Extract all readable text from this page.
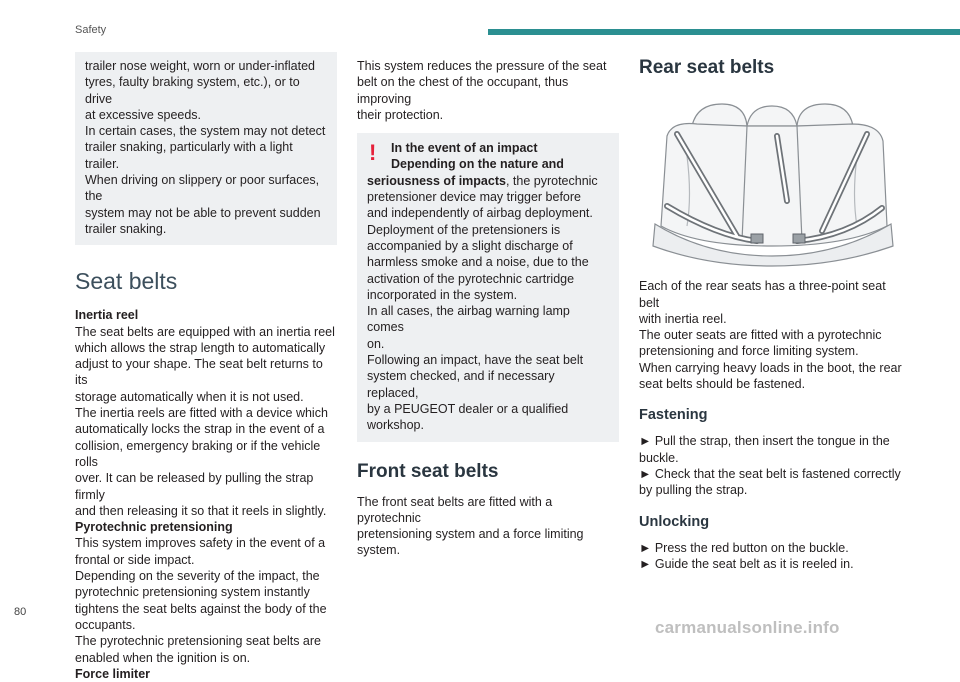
Safety
trailer nose weight, worn or under-inflated
tyres, faulty braking system, etc.), or to drive
at excessive speeds.
In certain cases, the system may not detect
trailer snaking, particularly with a light trailer.
When driving on slippery or poor surfaces, the
system may not be able to prevent sudden
trailer snaking.
Seat belts
Inertia reel
The seat belts are equipped with an inertia reel
which allows the strap length to automatically
adjust to your shape. The seat belt returns to its
storage automatically when it is not used.
The inertia reels are fitted with a device which
automatically locks the strap in the event of a
collision, emergency braking or if the vehicle rolls
over. It can be released by pulling the strap firmly
and then releasing it so that it reels in slightly.
Pyrotechnic pretensioning
This system improves safety in the event of a
frontal or side impact.
Depending on the severity of the impact, the
pyrotechnic pretensioning system instantly
tightens the seat belts against the body of the
occupants.
The pyrotechnic pretensioning seat belts are
enabled when the ignition is on.
Force limiter
This system reduces the pressure of the seat
belt on the chest of the occupant, thus improving
their protection.
!	In the event of an impact
Depending on the nature and
seriousness of impacts, the pyrotechnic
pretensioner device may trigger before
and independently of airbag deployment.
Deployment of the pretensioners is
accompanied by a slight discharge of
harmless smoke and a noise, due to the
activation of the pyrotechnic cartridge
incorporated in the system.
In all cases, the airbag warning lamp comes
on.
Following an impact, have the seat belt
system checked, and if necessary replaced,
by a PEUGEOT dealer or a qualified
workshop.
Front seat belts
The front seat belts are fitted with a pyrotechnic
pretensioning system and a force limiting
system.
Rear seat belts
Each of the rear seats has a three-point seat belt
with inertia reel.
The outer seats are fitted with a pyrotechnic
pretensioning and force limiting system.
When carrying heavy loads in the boot, the rear
seat belts should be fastened.
Fastening
► Pull the strap, then insert the tongue in the
buckle.
► Check that the seat belt is fastened correctly
by pulling the strap.
Unlocking
► Press the red button on the buckle.
► Guide the seat belt as it is reeled in.
80
carmanualsonline.info
